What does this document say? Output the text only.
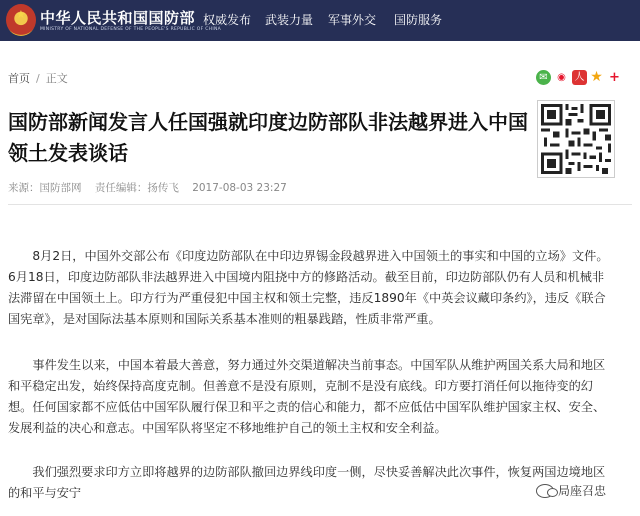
★ 中华人民共和国国防部
MINISTRY OF NATIONAL DEFENSE OF THE PEOPLE'S REPUBLIC OF CHINA
权威发布 武装力量 军事外交 国防服务
首页 / 正文	✉ ◉ 人 ★ +
国防部新闻发言人任国强就印度边防部队非法越界进入中国领土发表谈话
来源：国防部网 责任编辑：扬传飞 2017-08-03 23:27

8月2日，中国外交部公布《印度边防部队在中印边界锡金段越界进入中国领土的事实和中国的立场》文件。6月18日，印度边防部队非法越界进入中国境内阻挠中方的修路活动。截至目前，印边防部队仍有人员和机械非法滞留在中国领土上。印方行为严重侵犯中国主权和领土完整，违反1890年《中英会议藏印条约》，违反《联合国宪章》，是对国际法基本原则和国际关系基本准则的粗暴践踏，性质非常严重。

事件发生以来，中国本着最大善意，努力通过外交渠道解决当前事态。中国军队从维护两国关系大局和地区和平稳定出发，始终保持高度克制。但善意不是没有原则，克制不是没有底线。印方要打消任何以拖待变的幻想。任何国家都不应低估中国军队履行保卫和平之责的信心和能力，都不应低估中国军队维护国家主权、安全、发展利益的决心和意志。中国军队将坚定不移地维护自己的领土主权和安全利益。

我们强烈要求印方立即将越界的边防部队撤回边界线印度一侧，尽快妥善解决此次事件，恢复两国边境地区的和平与安宁	局座召忠
